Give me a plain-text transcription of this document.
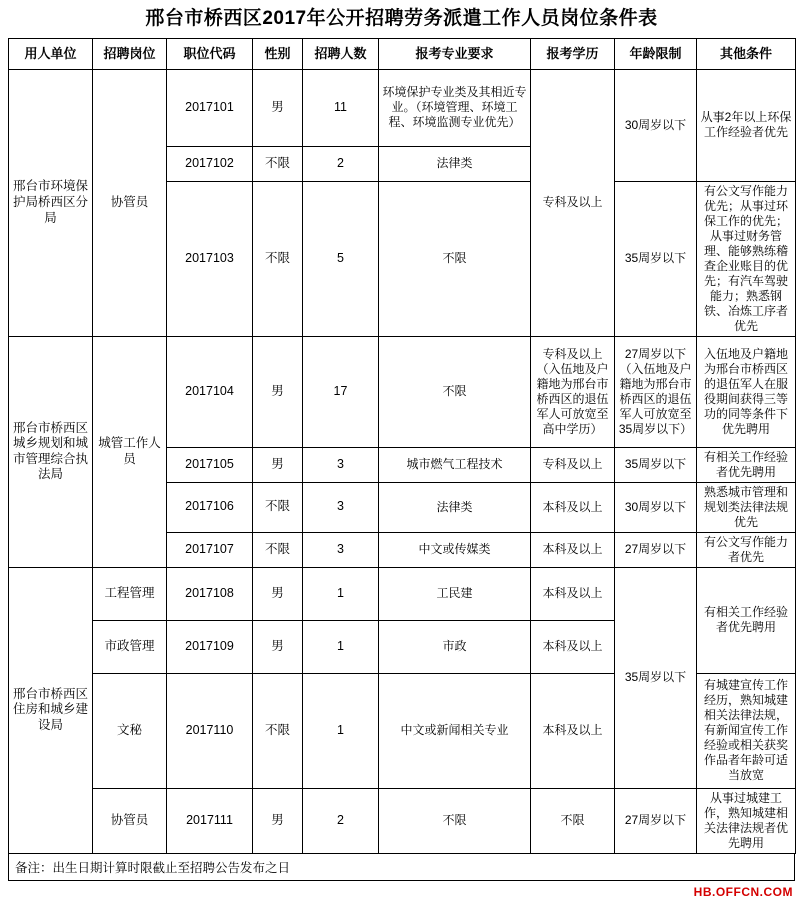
邢台市桥西区2017年公开招聘劳务派遣工作人员岗位条件表
用人单位	招聘岗位	职位代码	性别	招聘人数	报考专业要求	报考学历	年龄限制	其他条件
邢台市环境保护局桥西区分局	协管员	2017101	男	11	环境保护专业类及其相近专业。（环境管理、环境工程、环境监测专业优先）	专科及以上	30周岁以下	从事2年以上环保工作经验者优先
		2017102	不限	2	法律类			
		2017103	不限	5	不限		35周岁以下	有公文写作能力优先；从事过环保工作的优先；从事过财务管理、能够熟练稽查企业账目的优先；有汽车驾驶能力；熟悉钢铁、冶炼工序者优先
邢台市桥西区城乡规划和城市管理综合执法局	城管工作人员	2017104	男	17	不限	专科及以上（入伍地及户籍地为邢台市桥西区的退伍军人可放宽至高中学历）	27周岁以下（入伍地及户籍地为邢台市桥西区的退伍军人可放宽至35周岁以下）	入伍地及户籍地为邢台市桥西区的退伍军人在服役期间获得三等功的同等条件下优先聘用
		2017105	男	3	城市燃气工程技术	专科及以上	35周岁以下	有相关工作经验者优先聘用
		2017106	不限	3	法律类	本科及以上	30周岁以下	熟悉城市管理和规划类法律法规优先
		2017107	不限	3	中文或传媒类	本科及以上	27周岁以下	有公文写作能力者优先
邢台市桥西区住房和城乡建设局	工程管理	2017108	男	1	工民建	本科及以上	35周岁以下	有相关工作经验者优先聘用
	市政管理	2017109	男	1	市政	本科及以上		
	文秘	2017110	不限	1	中文或新闻相关专业	本科及以上		有城建宣传工作经历，熟知城建相关法律法规，有新闻宣传工作经验或相关获奖作品者年龄可适当放宽
	协管员	2017111	男	2	不限	不限	27周岁以下	从事过城建工作，熟知城建相关法律法规者优先聘用
备注：出生日期计算时限截止至招聘公告发布之日
HB.OFFCN.COM
